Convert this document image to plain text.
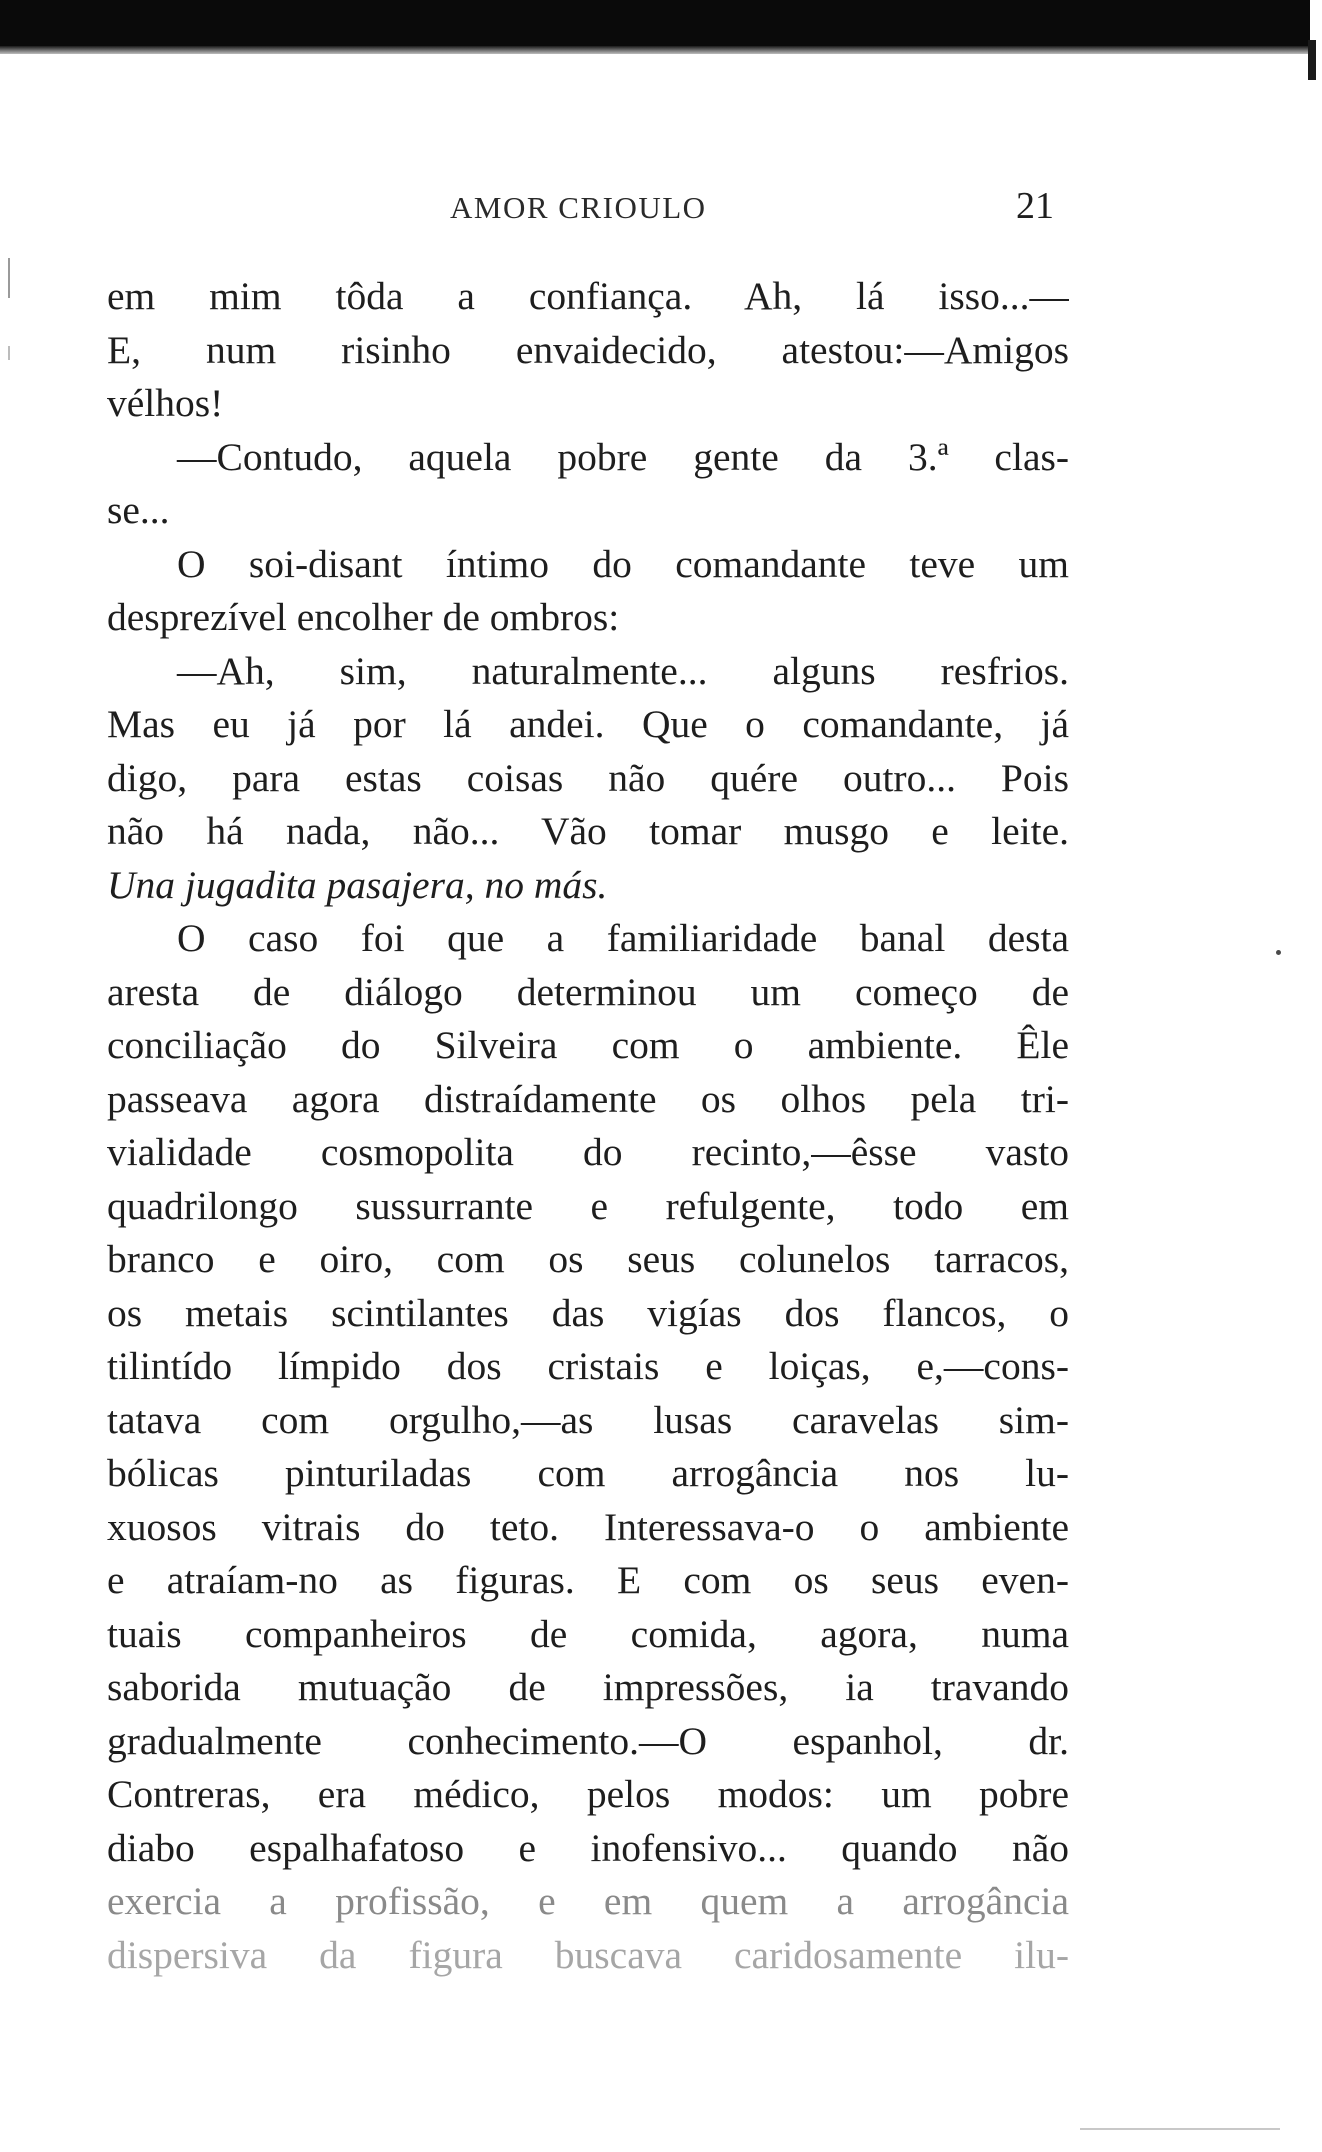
AMOR CRIOULO	21
em mim tôda a confiança. Ah, lá isso...—
E, num risinho envaidecido, atestou:—Amigos
vélhos!
—Contudo, aquela pobre gente da 3.ª clas-
se...
O soi-disant íntimo do comandante teve um
desprezível encolher de ombros:
—Ah, sim, naturalmente... alguns resfrios.
Mas eu já por lá andei. Que o comandante, já
digo, para estas coisas não quére outro... Pois
não há nada, não... Vão tomar musgo e leite.
Una jugadita pasajera, no más.
O caso foi que a familiaridade banal desta
aresta de diálogo determinou um começo de
conciliação do Silveira com o ambiente. Êle
passeava agora distraídamente os olhos pela tri-
vialidade cosmopolita do recinto,—êsse vasto
quadrilongo sussurrante e refulgente, todo em
branco e oiro, com os seus colunelos tarracos,
os metais scintilantes das vigías dos flancos, o
tilintído límpido dos cristais e loiças, e,—cons-
tatava com orgulho,—as lusas caravelas sim-
bólicas pinturiladas com arrogância nos lu-
xuosos vitrais do teto. Interessava-o o ambiente
e atraíam-no as figuras. E com os seus even-
tuais companheiros de comida, agora, numa
saborida mutuação de impressões, ia travando
gradualmente conhecimento.—O espanhol, dr.
Contreras, era médico, pelos modos: um pobre
diabo espalhafatoso e inofensivo... quando não
exercia a profissão, e em quem a arrogância
dispersiva da figura buscava caridosamente ilu-
